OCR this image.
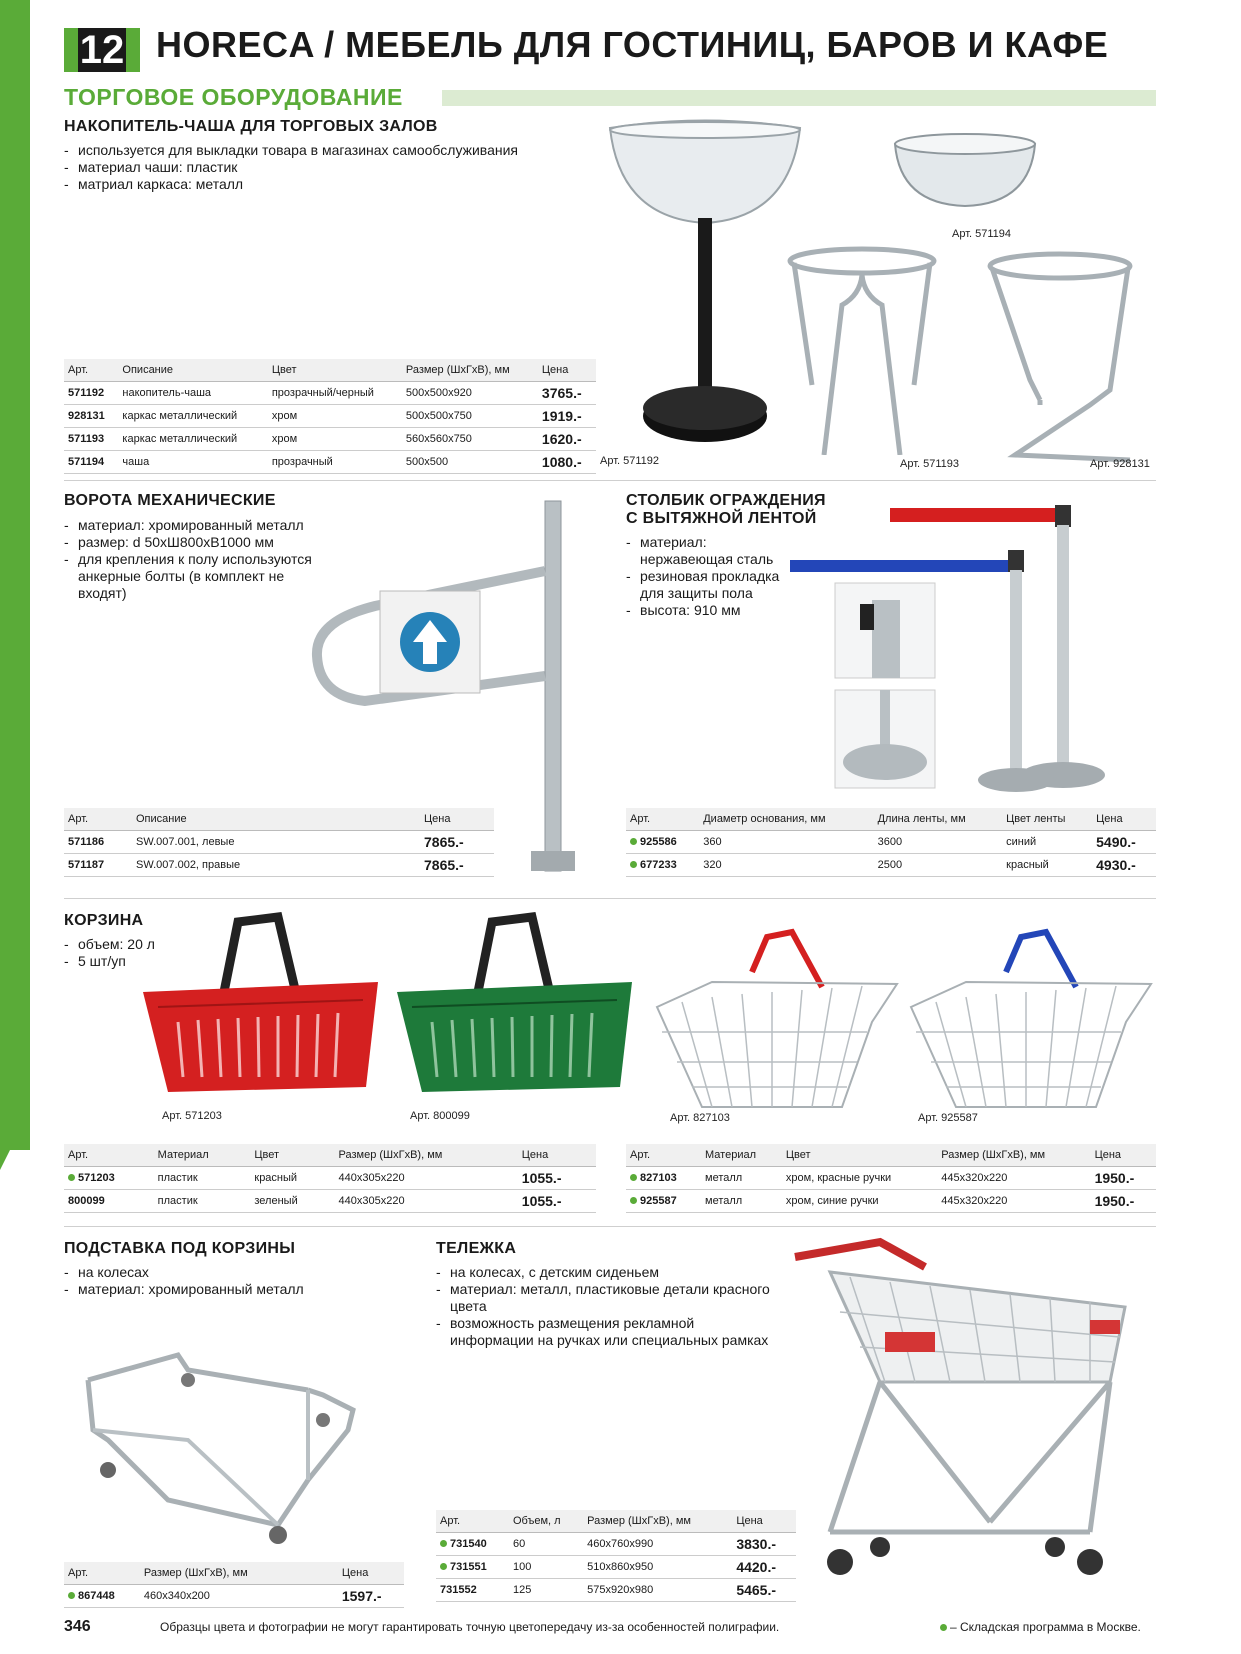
12 HORECA / МЕБЕЛЬ ДЛЯ ГОСТИНИЦ, БАРОВ И КАФЕ
ТОРГОВОЕ ОБОРУДОВАНИЕ
НАКОПИТЕЛЬ-ЧАША ДЛЯ ТОРГОВЫХ ЗАЛОВ
- используется для выкладки товара в магазинах самообслуживания
- материал чаши: пластик
- матриал каркаса: металл
Арт. 571194
Арт. 571192	Арт. 571193	Арт. 928131
Арт.	Описание	Цвет	Размер (ШхГхВ), мм	Цена
571192	накопитель-чаша	прозрачный/черный	500х500х920	3765.-
928131	каркас металлический	хром	500х500х750	1919.-
571193	каркас металлический	хром	560х560х750	1620.-
571194	чаша	прозрачный	500х500	1080.-
ВОРОТА МЕХАНИЧЕСКИЕ
- материал: хромированный металл
- размер: d 50хШ800хВ1000 мм
- для крепления к полу используются анкерные болты (в комплект не входят)
Арт.	Описание	Цена
571186	SW.007.001, левые	7865.-
571187	SW.007.002, правые	7865.-
СТОЛБИК ОГРАЖДЕНИЯ
С ВЫТЯЖНОЙ ЛЕНТОЙ
- материал: нержавеющая сталь
- резиновая прокладка для защиты пола
- высота: 910 мм
Арт.	Диаметр основания, мм	Длина ленты, мм	Цвет ленты	Цена
925586	360	3600	синий	5490.-
677233	320	2500	красный	4930.-
КОРЗИНА
- объем: 20 л
- 5 шт/уп
Арт. 571203	Арт. 800099	Арт. 827103	Арт. 925587
Арт.	Материал	Цвет	Размер (ШхГхВ), мм	Цена
571203	пластик	красный	440х305х220	1055.-
800099	пластик	зеленый	440х305х220	1055.-
Арт.	Материал	Цвет	Размер (ШхГхВ), мм	Цена
827103	металл	хром, красные ручки	445х320х220	1950.-
925587	металл	хром, синие ручки	445х320х220	1950.-
ПОДСТАВКА ПОД КОРЗИНЫ
- на колесах
- материал: хромированный металл
Арт.	Размер (ШхГхВ), мм	Цена
867448	460х340х200	1597.-
ТЕЛЕЖКА
- на колесах, с детским сиденьем
- материал: металл, пластиковые детали красного цвета
- возможность размещения рекламной информации на ручках или специальных рамках
Арт.	Объем, л	Размер (ШхГхВ), мм	Цена
731540	60	460х760х990	3830.-
731551	100	510х860х950	4420.-
731552	125	575х920х980	5465.-
346	Образцы цвета и фотографии не могут гарантировать точную цветопередачу из-за особенностей полиграфии.	– Складская программа в Москве.
